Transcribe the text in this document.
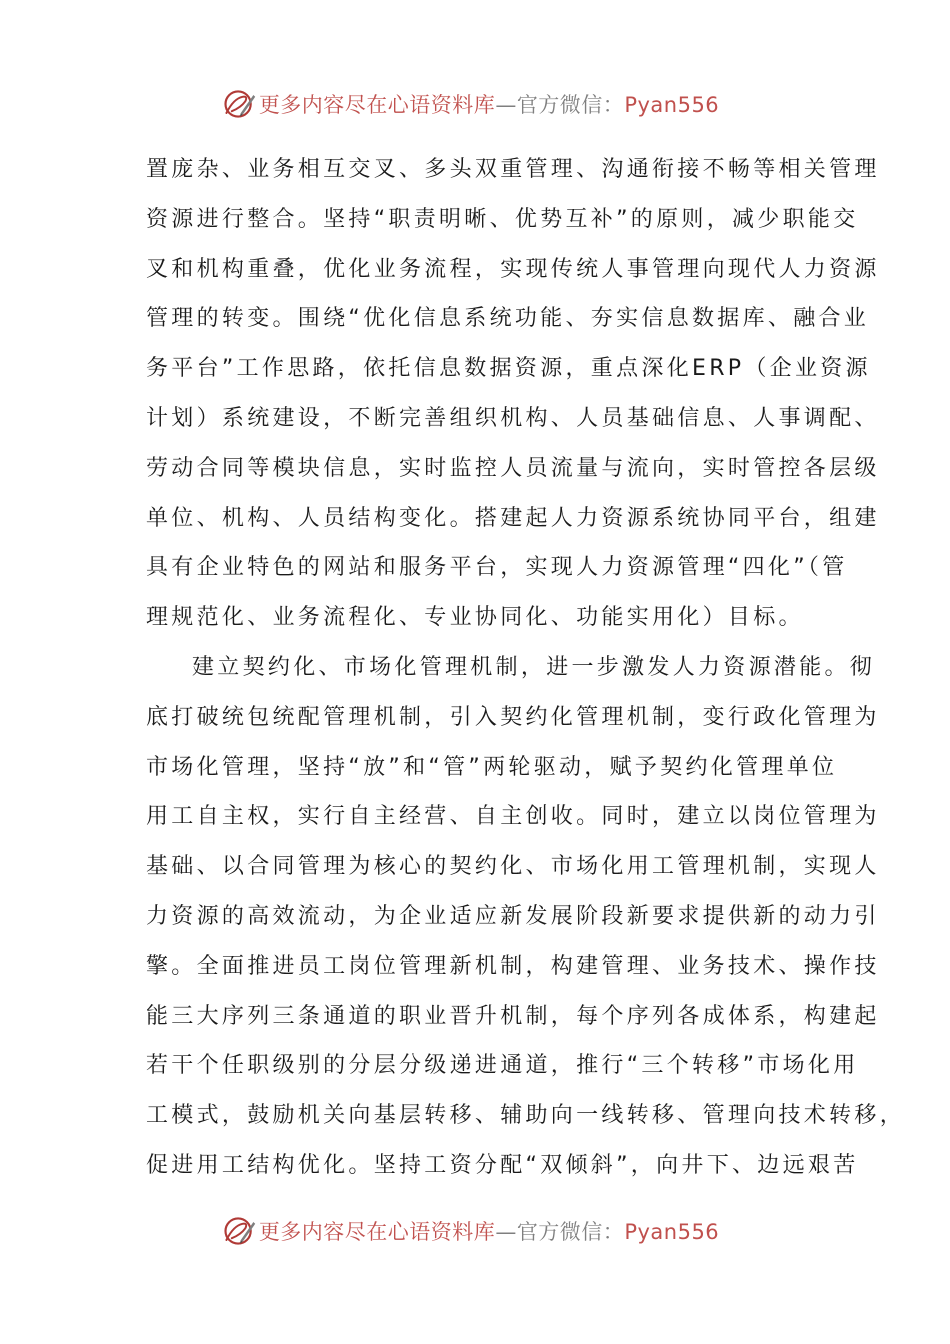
更多内容尽在心语资料库—官方微信：Pyan556
置庞杂、业务相互交叉、多头双重管理、沟通衔接不畅等相关管理
资源进行整合。坚持“职责明晰、优势互补”的原则，减少职能交
叉和机构重叠，优化业务流程，实现传统人事管理向现代人力资源
管理的转变。围绕“优化信息系统功能、夯实信息数据库、融合业
务平台”工作思路，依托信息数据资源，重点深化ERP（企业资源
计划）系统建设，不断完善组织机构、人员基础信息、人事调配、
劳动合同等模块信息，实时监控人员流量与流向，实时管控各层级
单位、机构、人员结构变化。搭建起人力资源系统协同平台，组建
具有企业特色的网站和服务平台，实现人力资源管理“四化”（管
理规范化、业务流程化、专业协同化、功能实用化）目标。
建立契约化、市场化管理机制，进一步激发人力资源潜能。彻
底打破统包统配管理机制，引入契约化管理机制，变行政化管理为
市场化管理，坚持“放”和“管”两轮驱动，赋予契约化管理单位
用工自主权，实行自主经营、自主创收。同时，建立以岗位管理为
基础、以合同管理为核心的契约化、市场化用工管理机制，实现人
力资源的高效流动，为企业适应新发展阶段新要求提供新的动力引
擎。全面推进员工岗位管理新机制，构建管理、业务技术、操作技
能三大序列三条通道的职业晋升机制，每个序列各成体系，构建起
若干个任职级别的分层分级递进通道，推行“三个转移”市场化用
工模式，鼓励机关向基层转移、辅助向一线转移、管理向技术转移，
促进用工结构优化。坚持工资分配“双倾斜”，向井下、边远艰苦
更多内容尽在心语资料库—官方微信：Pyan556
